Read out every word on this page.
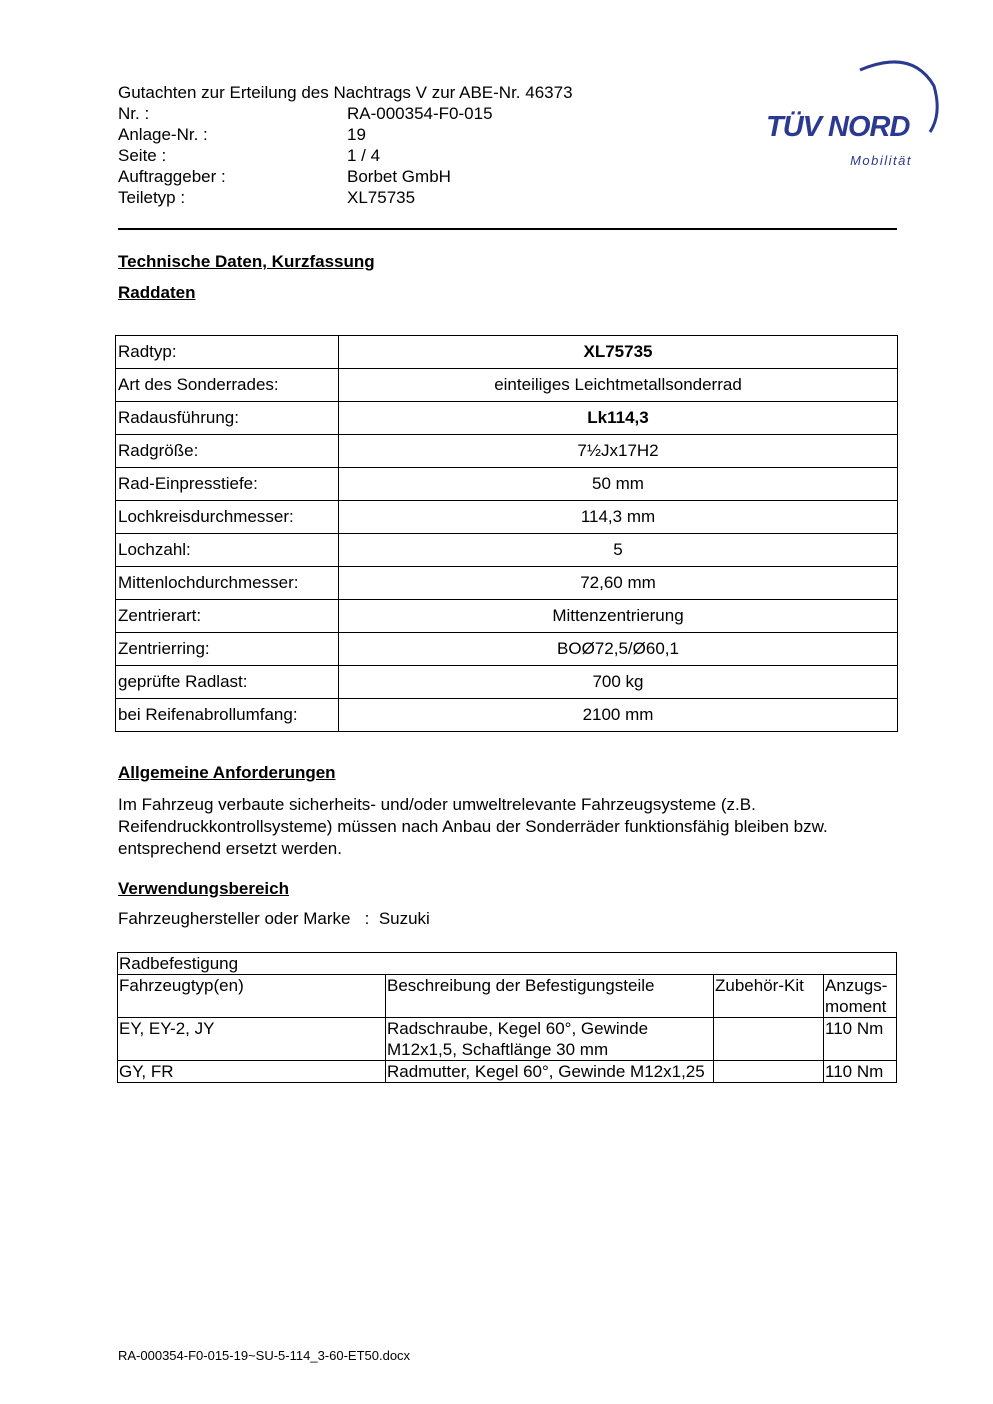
Gutachten zur Erteilung des Nachtrags V zur ABE-Nr. 46373
Nr. :	RA-000354-F0-015
Anlage-Nr. :	19
Seite :	1 / 4
Auftraggeber :	Borbet GmbH
Teiletyp :	XL75735
TÜV NORD
Mobilität
Technische Daten, Kurzfassung
Raddaten
Radtyp:	XL75735
Art des Sonderrades:	einteiliges Leichtmetallsonderrad
Radausführung:	Lk114,3
Radgröße:	7½Jx17H2
Rad-Einpresstiefe:	50 mm
Lochkreisdurchmesser:	114,3 mm
Lochzahl:	5
Mittenlochdurchmesser:	72,60 mm
Zentrierart:	Mittenzentrierung
Zentrierring:	BOØ72,5/Ø60,1
geprüfte Radlast:	700 kg
bei Reifenabrollumfang:	2100 mm
Allgemeine Anforderungen
Im Fahrzeug verbaute sicherheits- und/oder umweltrelevante Fahrzeugsysteme (z.B. Reifendruckkontrollsysteme) müssen nach Anbau der Sonderräder funktionsfähig bleiben bzw. entsprechend ersetzt werden.
Verwendungsbereich
Fahrzeughersteller oder Marke : Suzuki
Radbefestigung			
Fahrzeugtyp(en)	Beschreibung der Befestigungsteile	Zubehör-Kit	Anzugs-moment
EY, EY-2, JY	Radschraube, Kegel 60°, Gewinde M12x1,5, Schaftlänge 30 mm		110 Nm
GY, FR	Radmutter, Kegel 60°, Gewinde M12x1,25		110 Nm
RA-000354-F0-015-19~SU-5-114_3-60-ET50.docx
